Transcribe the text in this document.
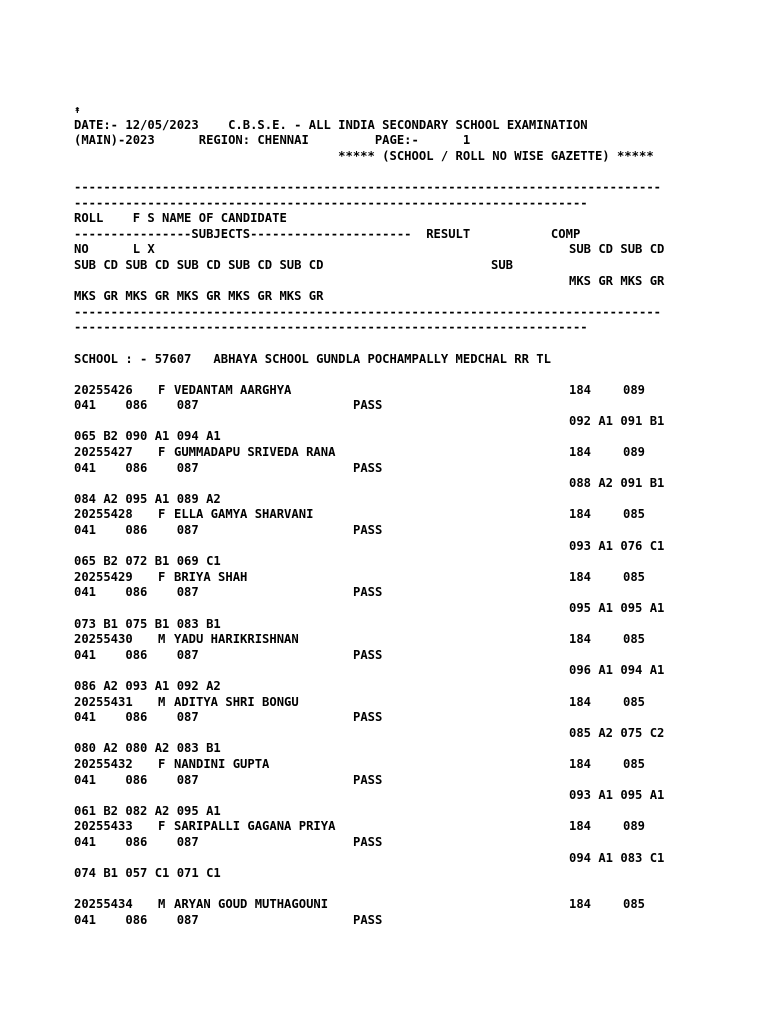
↟
DATE:- 12/05/2023    C.B.S.E. - ALL INDIA SECONDARY SCHOOL EXAMINATION
(MAIN)-2023      REGION: CHENNAI         PAGE:-      1
***** (SCHOOL / ROLL NO WISE GAZETTE) *****
--------------------------------------------------------------------------------
----------------------------------------------------------------------
ROLL    F S NAME OF CANDIDATE
----------------SUBJECTS----------------------  RESULT           COMP
NO      L X	SUB CD SUB CD
SUB CD SUB CD SUB CD SUB CD SUB CD	SUB
MKS GR MKS GR
MKS GR MKS GR MKS GR MKS GR MKS GR
--------------------------------------------------------------------------------
----------------------------------------------------------------------
SCHOOL : - 57607   ABHAYA SCHOOL GUNDLA POCHAMPALLY MEDCHAL RR TL
20255426 F VEDANTAM AARGHYA	184	089
041    086    087	PASS
092 A1 091 B1
065 B2 090 A1 094 A1
20255427 F GUMMADAPU SRIVEDA RANA	184	089
041    086    087	PASS
088 A2 091 B1
084 A2 095 A1 089 A2
20255428 F ELLA GAMYA SHARVANI	184	085
041    086    087	PASS
093 A1 076 C1
065 B2 072 B1 069 C1
20255429 F BRIYA SHAH	184	085
041    086    087	PASS
095 A1 095 A1
073 B1 075 B1 083 B1
20255430 M YADU HARIKRISHNAN	184	085
041    086    087	PASS
096 A1 094 A1
086 A2 093 A1 092 A2
20255431 M ADITYA SHRI BONGU	184	085
041    086    087	PASS
085 A2 075 C2
080 A2 080 A2 083 B1
20255432 F NANDINI GUPTA	184	085
041    086    087	PASS
093 A1 095 A1
061 B2 082 A2 095 A1
20255433 F SARIPALLI GAGANA PRIYA	184	089
041    086    087	PASS
094 A1 083 C1
074 B1 057 C1 071 C1
20255434 M ARYAN GOUD MUTHAGOUNI	184	085
041    086    087	PASS
